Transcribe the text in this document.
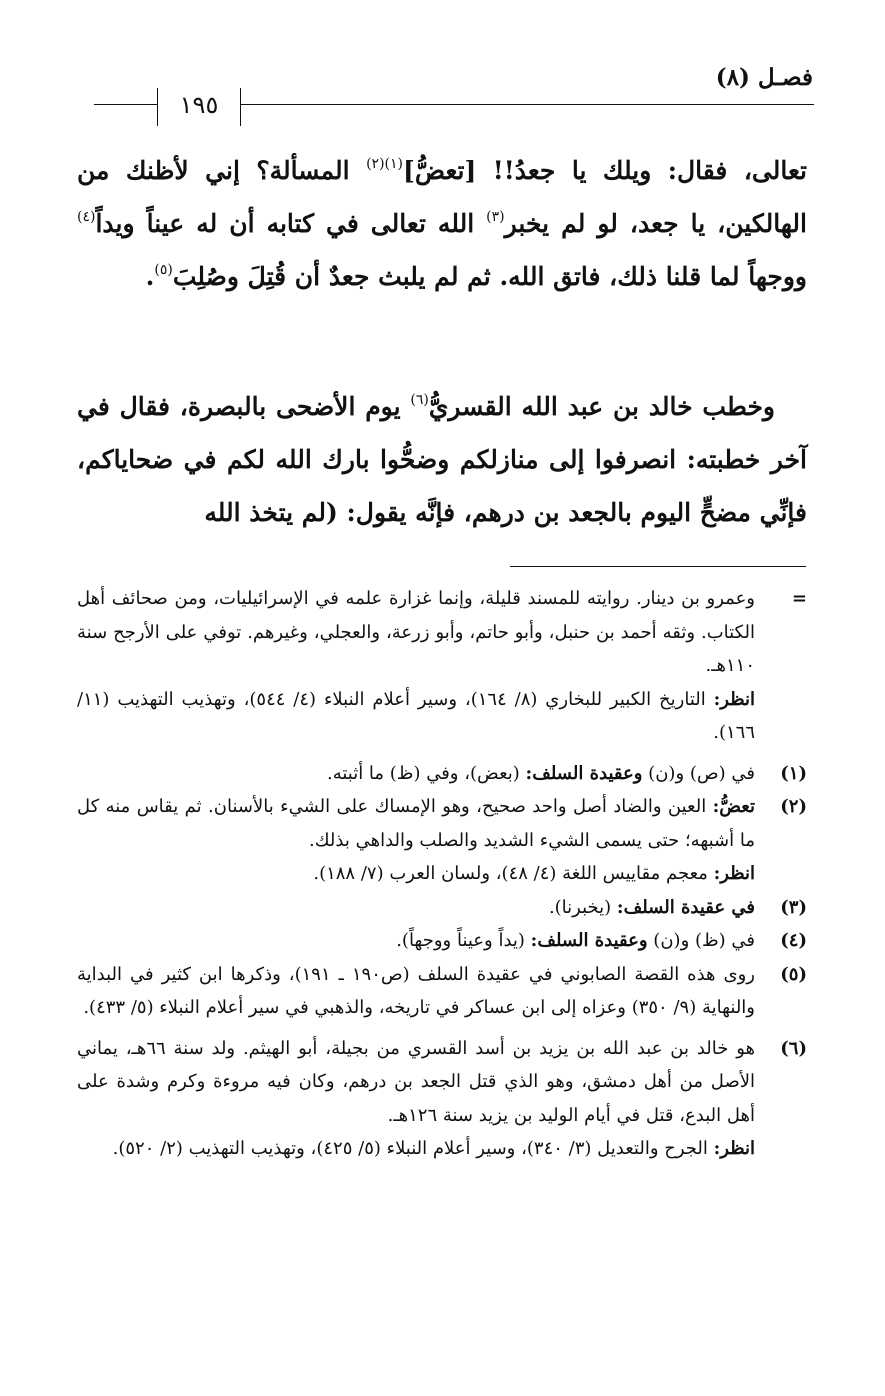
فصـل (٨)
١٩٥

تعالى، فقال: ويلك يا جعدُ!! [تعضُّ]$^{(١)(٢)}$ المسألة؟ إني لأظنك من الهالكين، يا جعد، لو لم يخبر$^{(٣)}$ الله تعالى في كتابه أن له عيناً ويداً$^{(٤)}$ ووجهاً لما قلنا ذلك، فاتق الله. ثم لم يلبث جعدٌ أن قُتِلَ وصُلِبَ$^{(٥)}$.

وخطب خالد بن عبد الله القسريُّ$^{(٦)}$ يوم الأضحى بالبصرة، فقال في آخر خطبته: انصرفوا إلى منازلكم وضحُّوا بارك الله لكم في ضحاياكم، فإنِّي مضحٍّ اليوم بالجعد بن درهم، فإنَّه يقول: (لم يتخذ الله

=
وعمرو بن دينار. روايته للمسند قليلة، وإنما غزارة علمه في الإسرائيليات، ومن صحائف أهل الكتاب. وثقه أحمد بن حنبل، وأبو حاتم، وأبو زرعة، والعجلي، وغيرهم. توفي على الأرجح سنة ١١٠هـ.
انظر: التاريخ الكبير للبخاري (٨/ ١٦٤)، وسير أعلام النبلاء (٤/ ٥٤٤)، وتهذيب التهذيب (١١/ ١٦٦).
(١)
في (ص) و(ن) وعقيدة السلف: (بعض)، وفي (ظ) ما أثبته.
(٢)
تعضُّ: العين والضاد أصل واحد صحيح، وهو الإمساك على الشيء بالأسنان. ثم يقاس منه كل ما أشبهه؛ حتى يسمى الشيء الشديد والصلب والداهي بذلك.
انظر: معجم مقاييس اللغة (٤/ ٤٨)، ولسان العرب (٧/ ١٨٨).
(٣)
في عقيدة السلف: (يخبرنا).
(٤)
في (ظ) و(ن) وعقيدة السلف: (يداً وعيناً ووجهاً).
(٥)
روى هذه القصة الصابوني في عقيدة السلف (ص١٩٠ ـ ١٩١)، وذكرها ابن كثير في البداية والنهاية (٩/ ٣٥٠) وعزاه إلى ابن عساكر في تاريخه، والذهبي في سير أعلام النبلاء (٥/ ٤٣٣).
(٦)
هو خالد بن عبد الله بن يزيد بن أسد القسري من بجيلة، أبو الهيثم. ولد سنة ٦٦هـ، يماني الأصل من أهل دمشق، وهو الذي قتل الجعد بن درهم، وكان فيه مروءة وكرم وشدة على أهل البدع، قتل في أيام الوليد بن يزيد سنة ١٢٦هـ.
انظر: الجرح والتعديل (٣/ ٣٤٠)، وسير أعلام النبلاء (٥/ ٤٢٥)، وتهذيب التهذيب (٢/ ٥٢٠).
